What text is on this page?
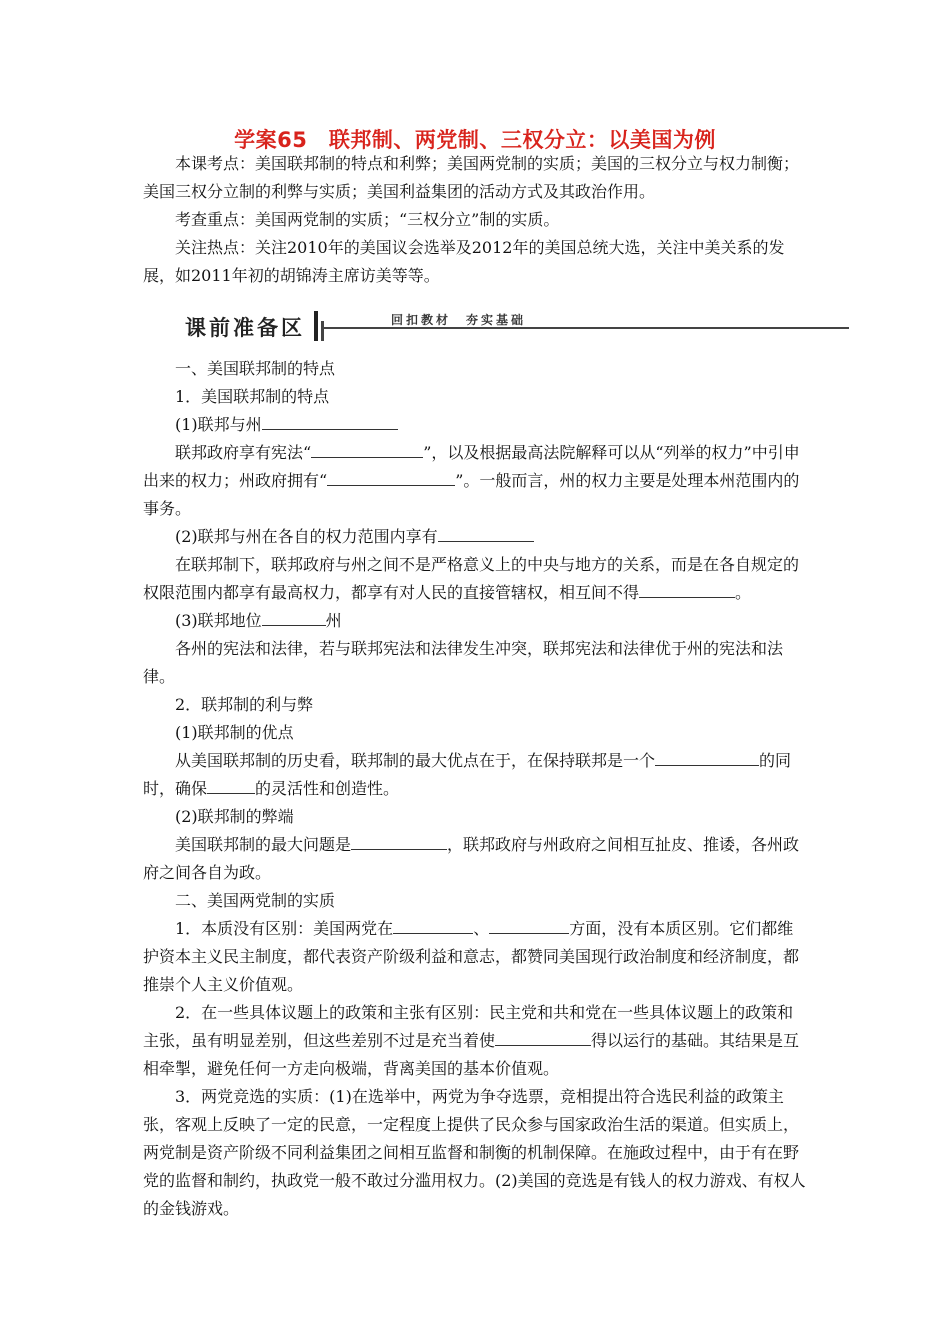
学案65　联邦制、两党制、三权分立：以美国为例

本课考点：美国联邦制的特点和利弊；美国两党制的实质；美国的三权分立与权力制衡；美国三权分立制的利弊与实质；美国利益集团的活动方式及其政治作用。

考查重点：美国两党制的实质；“三权分立”制的实质。

关注热点：关注2010年的美国议会选举及2012年的美国总统大选，关注中美关系的发展，如2011年初的胡锦涛主席访美等等。

课前准备区	回扣教材　夯实基础

一、美国联邦制的特点

1．美国联邦制的特点

(1)联邦与州

联邦政府享有宪法“	”，以及根据最高法院解释可以从“列举的权力”中引申出来的权力；州政府拥有“	”。一般而言，州的权力主要是处理本州范围内的事务。

(2)联邦与州在各自的权力范围内享有

在联邦制下，联邦政府与州之间不是严格意义上的中央与地方的关系，而是在各自规定的权限范围内都享有最高权力，都享有对人民的直接管辖权，相互间不得	。

(3)联邦地位	州

各州的宪法和法律，若与联邦宪法和法律发生冲突，联邦宪法和法律优于州的宪法和法律。

2．联邦制的利与弊

(1)联邦制的优点

从美国联邦制的历史看，联邦制的最大优点在于，在保持联邦是一个	的同时，确保	的灵活性和创造性。

(2)联邦制的弊端

美国联邦制的最大问题是	，联邦政府与州政府之间相互扯皮、推诿，各州政府之间各自为政。

二、美国两党制的实质

1．本质没有区别：美国两党在	、	方面，没有本质区别。它们都维护资本主义民主制度，都代表资产阶级利益和意志，都赞同美国现行政治制度和经济制度，都推崇个人主义价值观。

2．在一些具体议题上的政策和主张有区别：民主党和共和党在一些具体议题上的政策和主张，虽有明显差别，但这些差别不过是充当着使	得以运行的基础。其结果是互相牵掣，避免任何一方走向极端，背离美国的基本价值观。

3．两党竞选的实质：(1)在选举中，两党为争夺选票，竞相提出符合选民利益的政策主张，客观上反映了一定的民意，一定程度上提供了民众参与国家政治生活的渠道。但实质上，两党制是资产阶级不同利益集团之间相互监督和制衡的机制保障。在施政过程中，由于有在野党的监督和制约，执政党一般不敢过分滥用权力。(2)美国的竞选是有钱人的权力游戏、有权人的金钱游戏。
